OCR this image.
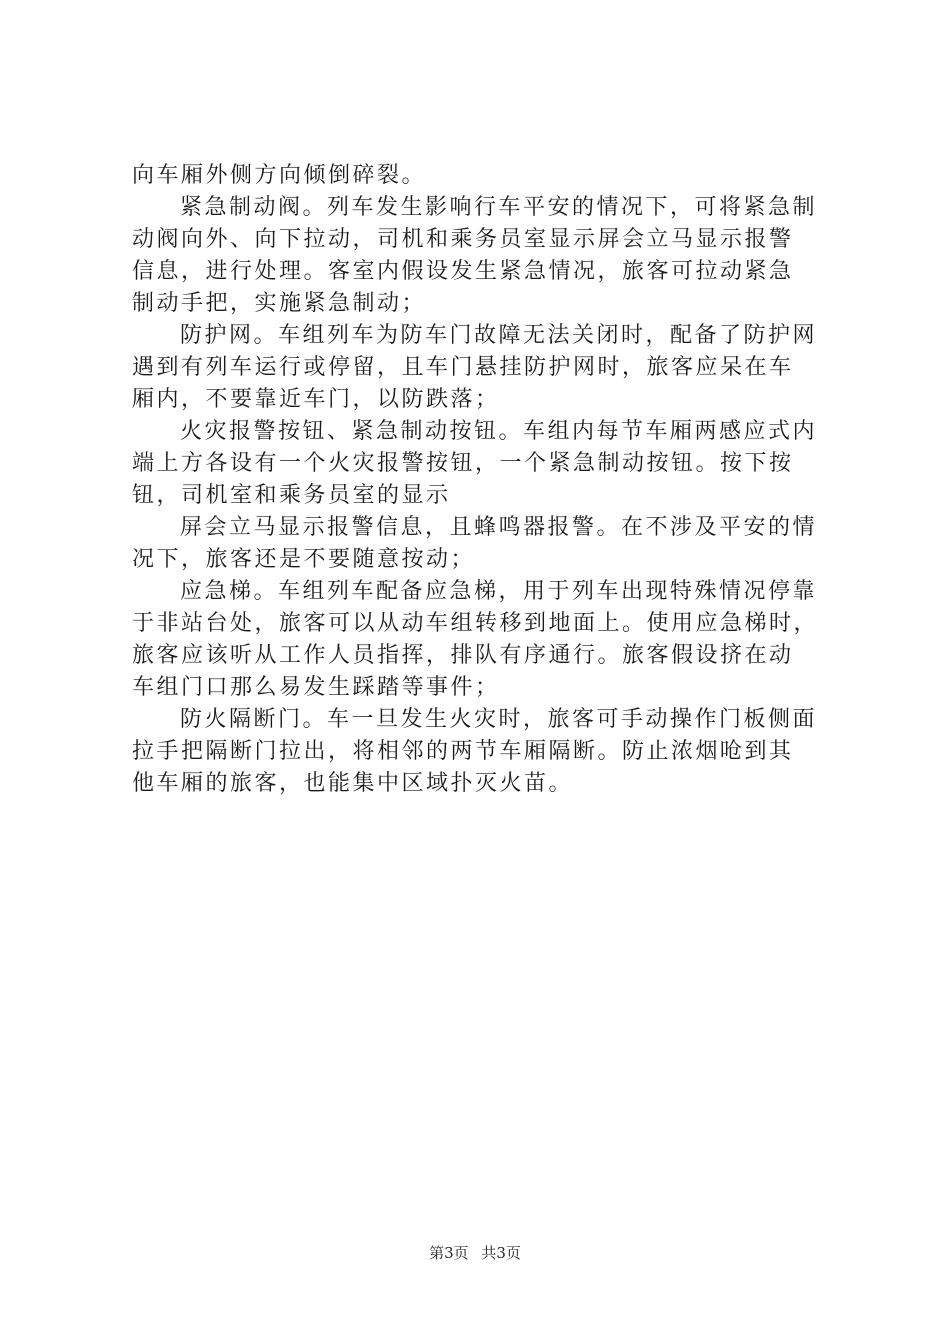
向车厢外侧方向倾倒碎裂。
紧急制动阀。列车发生影响行车平安的情况下，可将紧急制
动阀向外、向下拉动，司机和乘务员室显示屏会立马显示报警
信息，进行处理。客室内假设发生紧急情况，旅客可拉动紧急
制动手把，实施紧急制动；
防护网。车组列车为防车门故障无法关闭时，配备了防护网
遇到有列车运行或停留，且车门悬挂防护网时，旅客应呆在车
厢内，不要靠近车门，以防跌落；
火灾报警按钮、紧急制动按钮。车组内每节车厢两感应式内
端上方各设有一个火灾报警按钮，一个紧急制动按钮。按下按
钮，司机室和乘务员室的显示
屏会立马显示报警信息，且蜂鸣器报警。在不涉及平安的情
况下，旅客还是不要随意按动；
应急梯。车组列车配备应急梯，用于列车出现特殊情况停靠
于非站台处，旅客可以从动车组转移到地面上。使用应急梯时，
旅客应该听从工作人员指挥，排队有序通行。旅客假设挤在动
车组门口那么易发生踩踏等事件；
防火隔断门。车一旦发生火灾时，旅客可手动操作门板侧面
拉手把隔断门拉出，将相邻的两节车厢隔断。防止浓烟呛到其
他车厢的旅客，也能集中区域扑灭火苗。
第3页 共3页
